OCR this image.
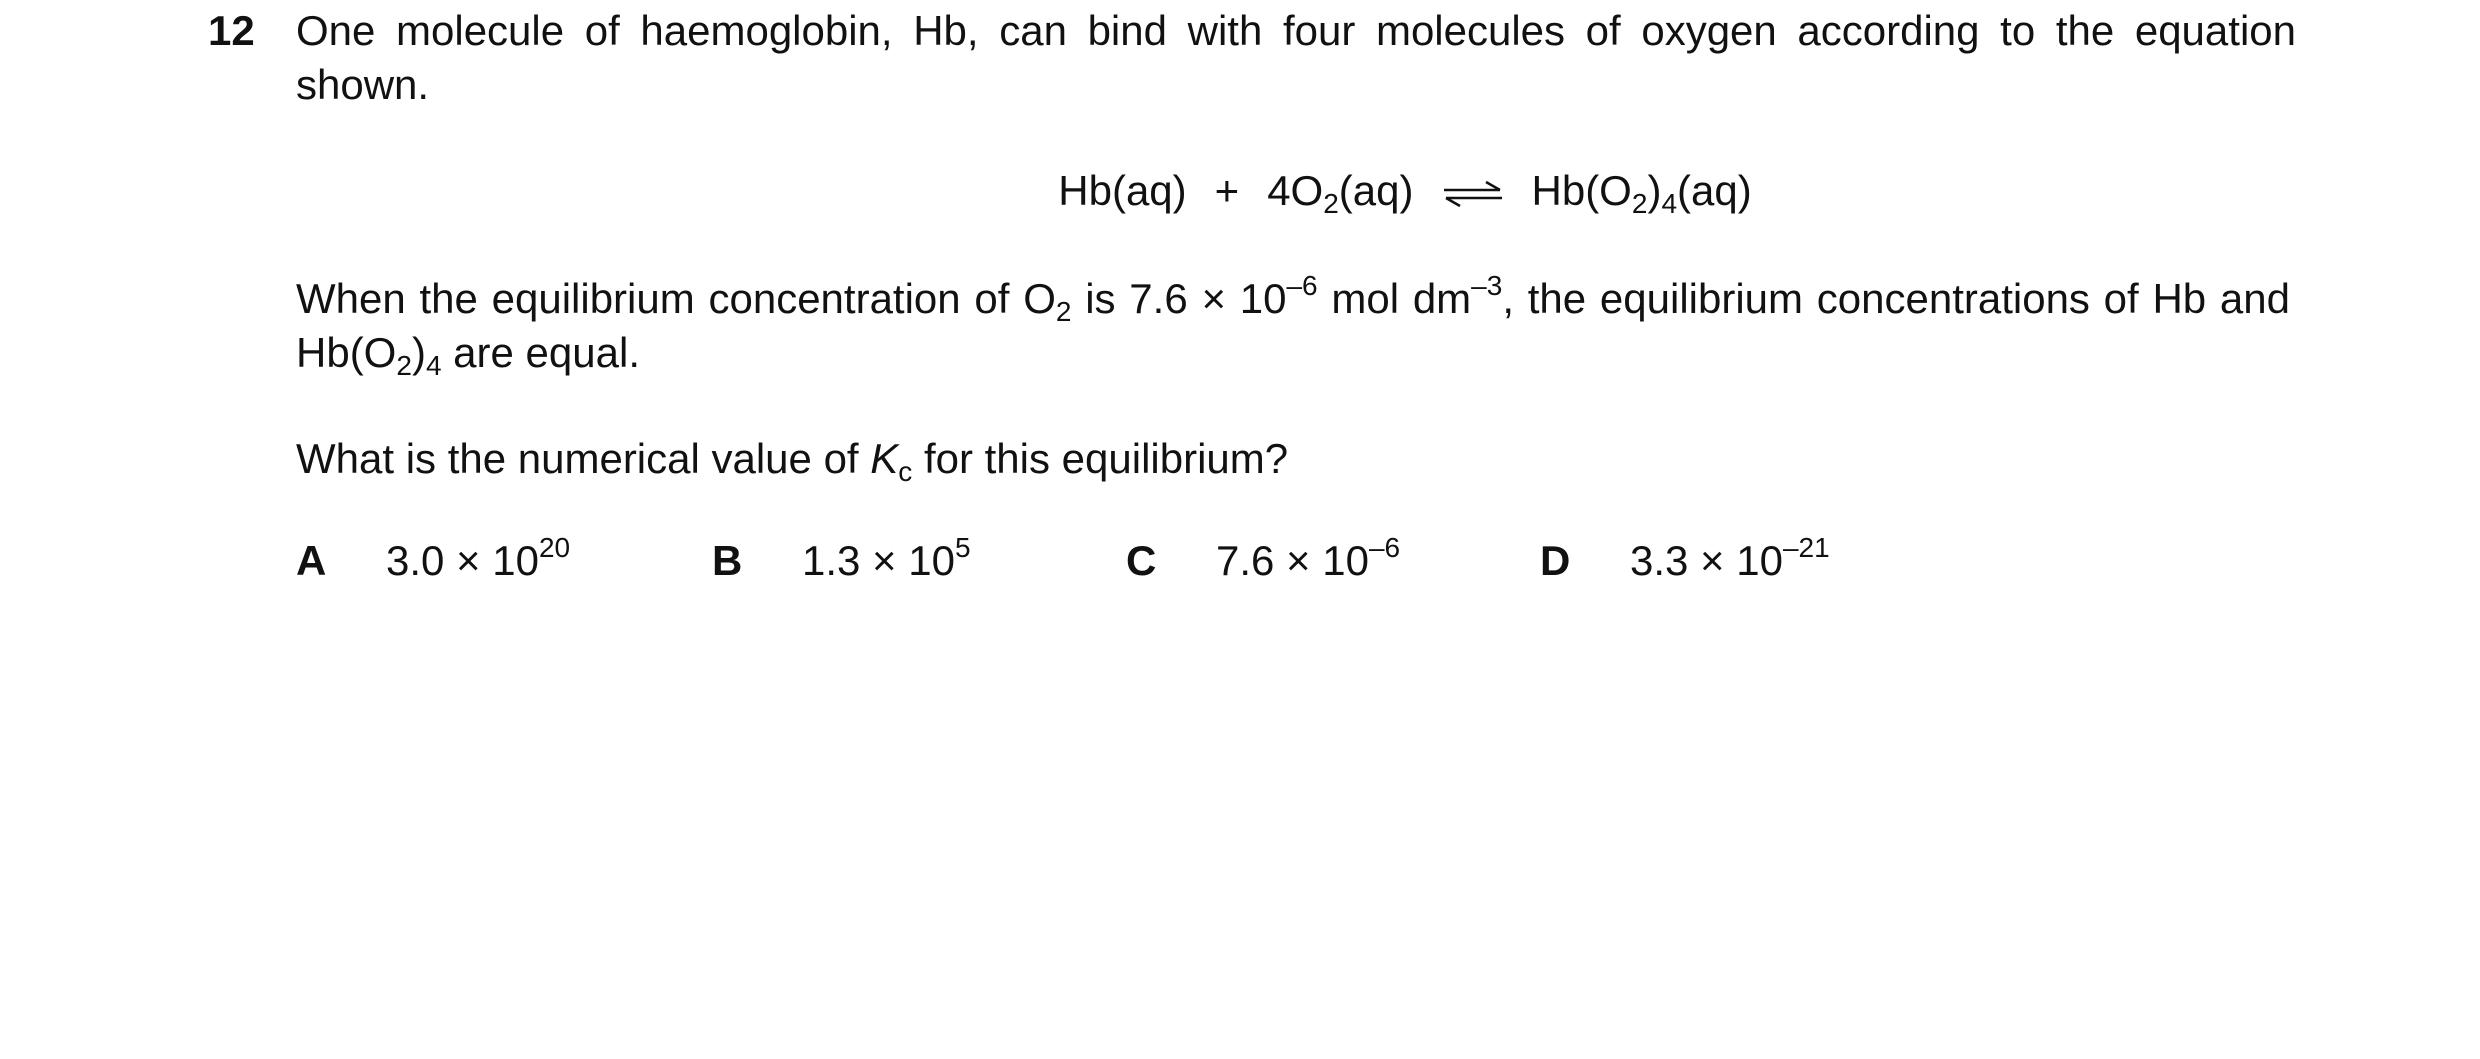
12 One molecule of haemoglobin, Hb, can bind with four molecules of oxygen according to the equation shown.
$Hb(aq) + 4O_2(aq)$ ⇌ $Hb(O_2)_4(aq)$
When the equilibrium concentration of $O_2$ is $7.6 \times 10^{-6}$ mol $dm^{-3}$, the equilibrium concentrations of Hb and $Hb(O_2)_4$ are equal.
What is the numerical value of $K_c$ for this equilibrium?
A $3.0 \times 10^{20}$	B $1.3 \times 10^5$	C $7.6 \times 10^{-6}$	D $3.3 \times 10^{-21}$
